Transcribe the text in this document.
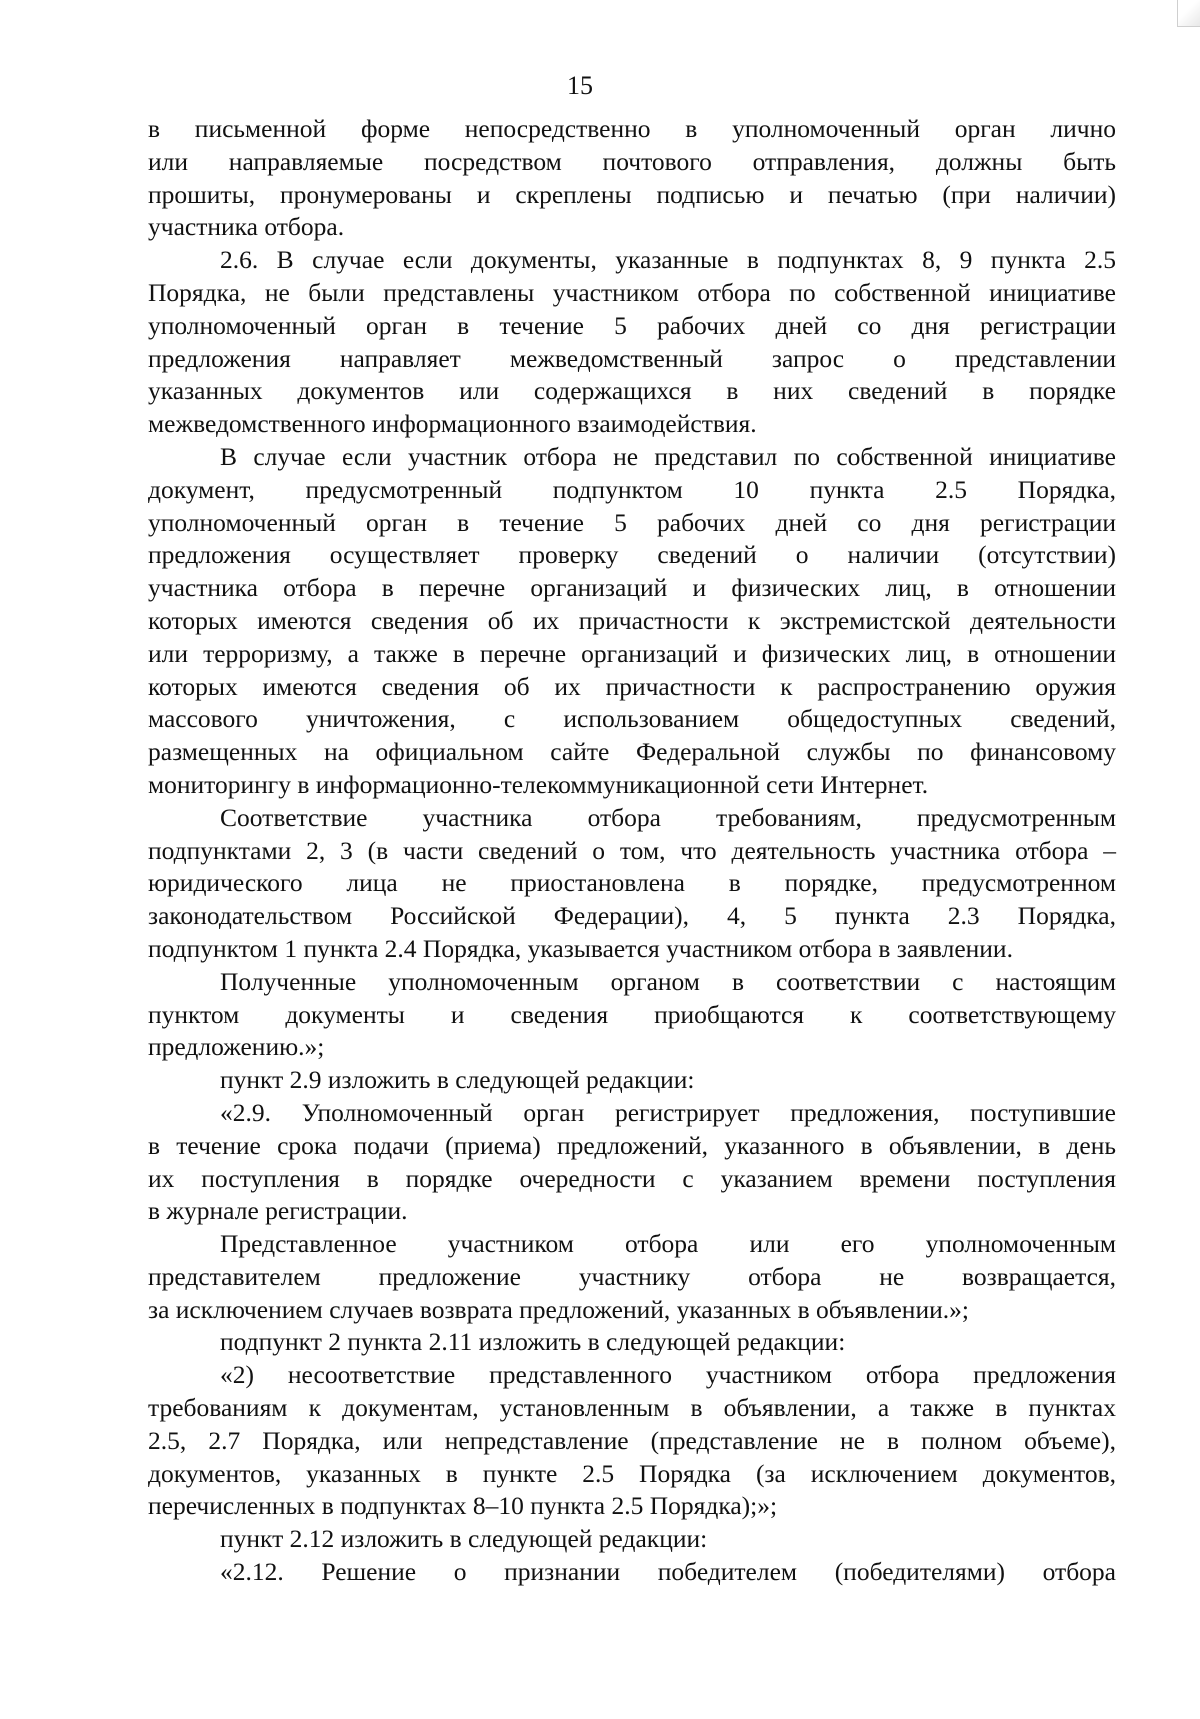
15
в письменной форме непосредственно в уполномоченный орган лично
или направляемые посредством почтового отправления, должны быть
прошиты, пронумерованы и скреплены подписью и печатью (при наличии)
участника отбора.
2.6. В случае если документы, указанные в подпунктах 8, 9 пункта 2.5
Порядка, не были представлены участником отбора по собственной инициативе
уполномоченный орган в течение 5 рабочих дней со дня регистрации
предложения направляет межведомственный запрос о представлении
указанных документов или содержащихся в них сведений в порядке
межведомственного информационного взаимодействия.
В случае если участник отбора не представил по собственной инициативе
документ, предусмотренный подпунктом 10 пункта 2.5 Порядка,
уполномоченный орган в течение 5 рабочих дней со дня регистрации
предложения осуществляет проверку сведений о наличии (отсутствии)
участника отбора в перечне организаций и физических лиц, в отношении
которых имеются сведения об их причастности к экстремистской деятельности
или терроризму, а также в перечне организаций и физических лиц, в отношении
которых имеются сведения об их причастности к распространению оружия
массового уничтожения, с использованием общедоступных сведений,
размещенных на официальном сайте Федеральной службы по финансовому
мониторингу в информационно-телекоммуникационной сети Интернет.
Соответствие участника отбора требованиям, предусмотренным
подпунктами 2, 3 (в части сведений о том, что деятельность участника отбора –
юридического лица не приостановлена в порядке, предусмотренном
законодательством Российской Федерации), 4, 5 пункта 2.3 Порядка,
подпунктом 1 пункта 2.4 Порядка, указывается участником отбора в заявлении.
Полученные уполномоченным органом в соответствии с настоящим
пунктом документы и сведения приобщаются к соответствующему
предложению.»;
пункт 2.9 изложить в следующей редакции:
«2.9. Уполномоченный орган регистрирует предложения, поступившие
в течение срока подачи (приема) предложений, указанного в объявлении, в день
их поступления в порядке очередности с указанием времени поступления
в журнале регистрации.
Представленное участником отбора или его уполномоченным
представителем предложение участнику отбора не возвращается,
за исключением случаев возврата предложений, указанных в объявлении.»;
подпункт 2 пункта 2.11 изложить в следующей редакции:
«2) несоответствие представленного участником отбора предложения
требованиям к документам, установленным в объявлении, а также в пунктах
2.5, 2.7 Порядка, или непредставление (представление не в полном объеме),
документов, указанных в пункте 2.5 Порядка (за исключением документов,
перечисленных в подпунктах 8–10 пункта 2.5 Порядка);»;
пункт 2.12 изложить в следующей редакции:
«2.12. Решение о признании победителем (победителями) отбора
